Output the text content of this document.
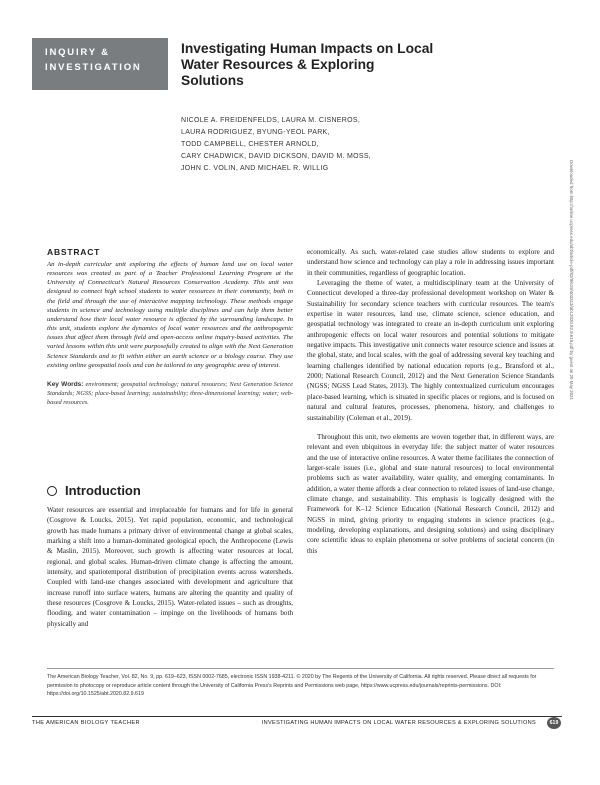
INQUIRY &
INVESTIGATION
Investigating Human Impacts on Local Water Resources & Exploring Solutions
NICOLE A. FREIDENFELDS, LAURA M. CISNEROS,
LAURA RODRIGUEZ, BYUNG-YEOL PARK,
TODD CAMPBELL, CHESTER ARNOLD,
CARY CHADWICK, DAVID DICKSON, DAVID M. MOSS,
JOHN C. VOLIN, AND MICHAEL R. WILLIG
ABSTRACT

An in-depth curricular unit exploring the effects of human land use on local water resources was created as part of a Teacher Professional Learning Program at the University of Connecticut's Natural Resources Conservation Academy. This unit was designed to connect high school students to water resources in their community, both in the field and through the use of interactive mapping technology. These methods engage students in science and technology using multiple disciplines and can help them better understand how their local water resource is affected by the surrounding landscape. In this unit, students explore the dynamics of local water resources and the anthropogenic issues that affect them through field and open-access online inquiry-based activities. The varied lessons within this unit were purposefully created to align with the Next Generation Science Standards and to fit within either an earth science or a biology course. They use existing online geospatial tools and can be tailored to any geographic area of interest.

Key Words: environment; geospatial technology; natural resources; Next Generation Science Standards; NGSS; place-based learning; sustainability; three-dimensional learning; water; web-based resources.

Introduction

Water resources are essential and irreplaceable for humans and for life in general (Cosgrove & Loucks, 2015). Yet rapid population, economic, and technological growth has made humans a primary driver of environmental change at global scales, marking a shift into a human-dominated geological epoch, the Anthropocene (Lewis & Maslin, 2015). Moreover, such growth is affecting water resources at local, regional, and global scales. Human-driven climate change is affecting the amount, intensity, and spatiotemporal distribution of precipitation events across watersheds. Coupled with land-use changes associated with development and agriculture that increase runoff into surface waters, humans are altering the quantity and quality of these resources (Cosgrove & Loucks, 2015). Water-related issues – such as droughts, flooding, and water contamination – impinge on the livelihoods of humans both physically and

economically. As such, water-related case studies allow students to explore and understand how science and technology can play a role in addressing issues important in their communities, regardless of geographic location.

Leveraging the theme of water, a multidisciplinary team at the University of Connecticut developed a three-day professional development workshop on Water & Sustainability for secondary science teachers with curricular resources. The team's expertise in water resources, land use, climate science, science education, and geospatial technology was integrated to create an in-depth curriculum unit exploring anthropogenic effects on local water resources and potential solutions to mitigate negative impacts. This investigative unit connects water resource science and issues at the global, state, and local scales, with the goal of addressing several key teaching and learning challenges identified by national education reports (e.g., Bransford et al., 2000; National Research Council, 2012) and the Next Generation Science Standards (NGSS; NGSS Lead States, 2013). The highly contextualized curriculum encourages place-based learning, which is situated in specific places or regions, and is focused on natural and cultural features, processes, phenomena, history, and challenges to sustainability (Coleman et al., 2019).

Throughout this unit, two elements are woven together that, in different ways, are relevant and even ubiquitous in everyday life: the subject matter of water resources and the use of interactive online resources. A water theme facilitates the connection of larger-scale issues (i.e., global and state natural resources) to local environmental problems such as water availability, water quality, and emerging contaminants. In addition, a water theme affords a clear connection to related issues of land-use change, climate change, and sustainability. This emphasis is logically designed with the Framework for K–12 Science Education (National Research Council, 2012) and NGSS in mind, giving priority to engaging students in science practices (e.g., modeling, developing explanations, and designing solutions) and using disciplinary core scientific ideas to explain phenomena or solve problems of societal concern (in this

Downloaded from http://online.ucpress.edu/abt/article-pdf/82/9/619/403313/abt.2020.82.9.619.pdf by guest on 20 May 2021

The American Biology Teacher, Vol. 82, No. 9, pp. 619–623, ISSN 0002-7685, electronic ISSN 1938-4211. © 2020 by The Regents of the University of California. All rights reserved. Please direct all requests for permission to photocopy or reproduce article content through the University of California Press's Reprints and Permissions web page, https://www.ucpress.edu/journals/reprints-permissions. DOI: https://doi.org/10.1525/abt.2020.82.9.619

THE AMERICAN BIOLOGY TEACHER	INVESTIGATING HUMAN IMPACTS ON LOCAL WATER RESOURCES & EXPLORING SOLUTIONS	619
